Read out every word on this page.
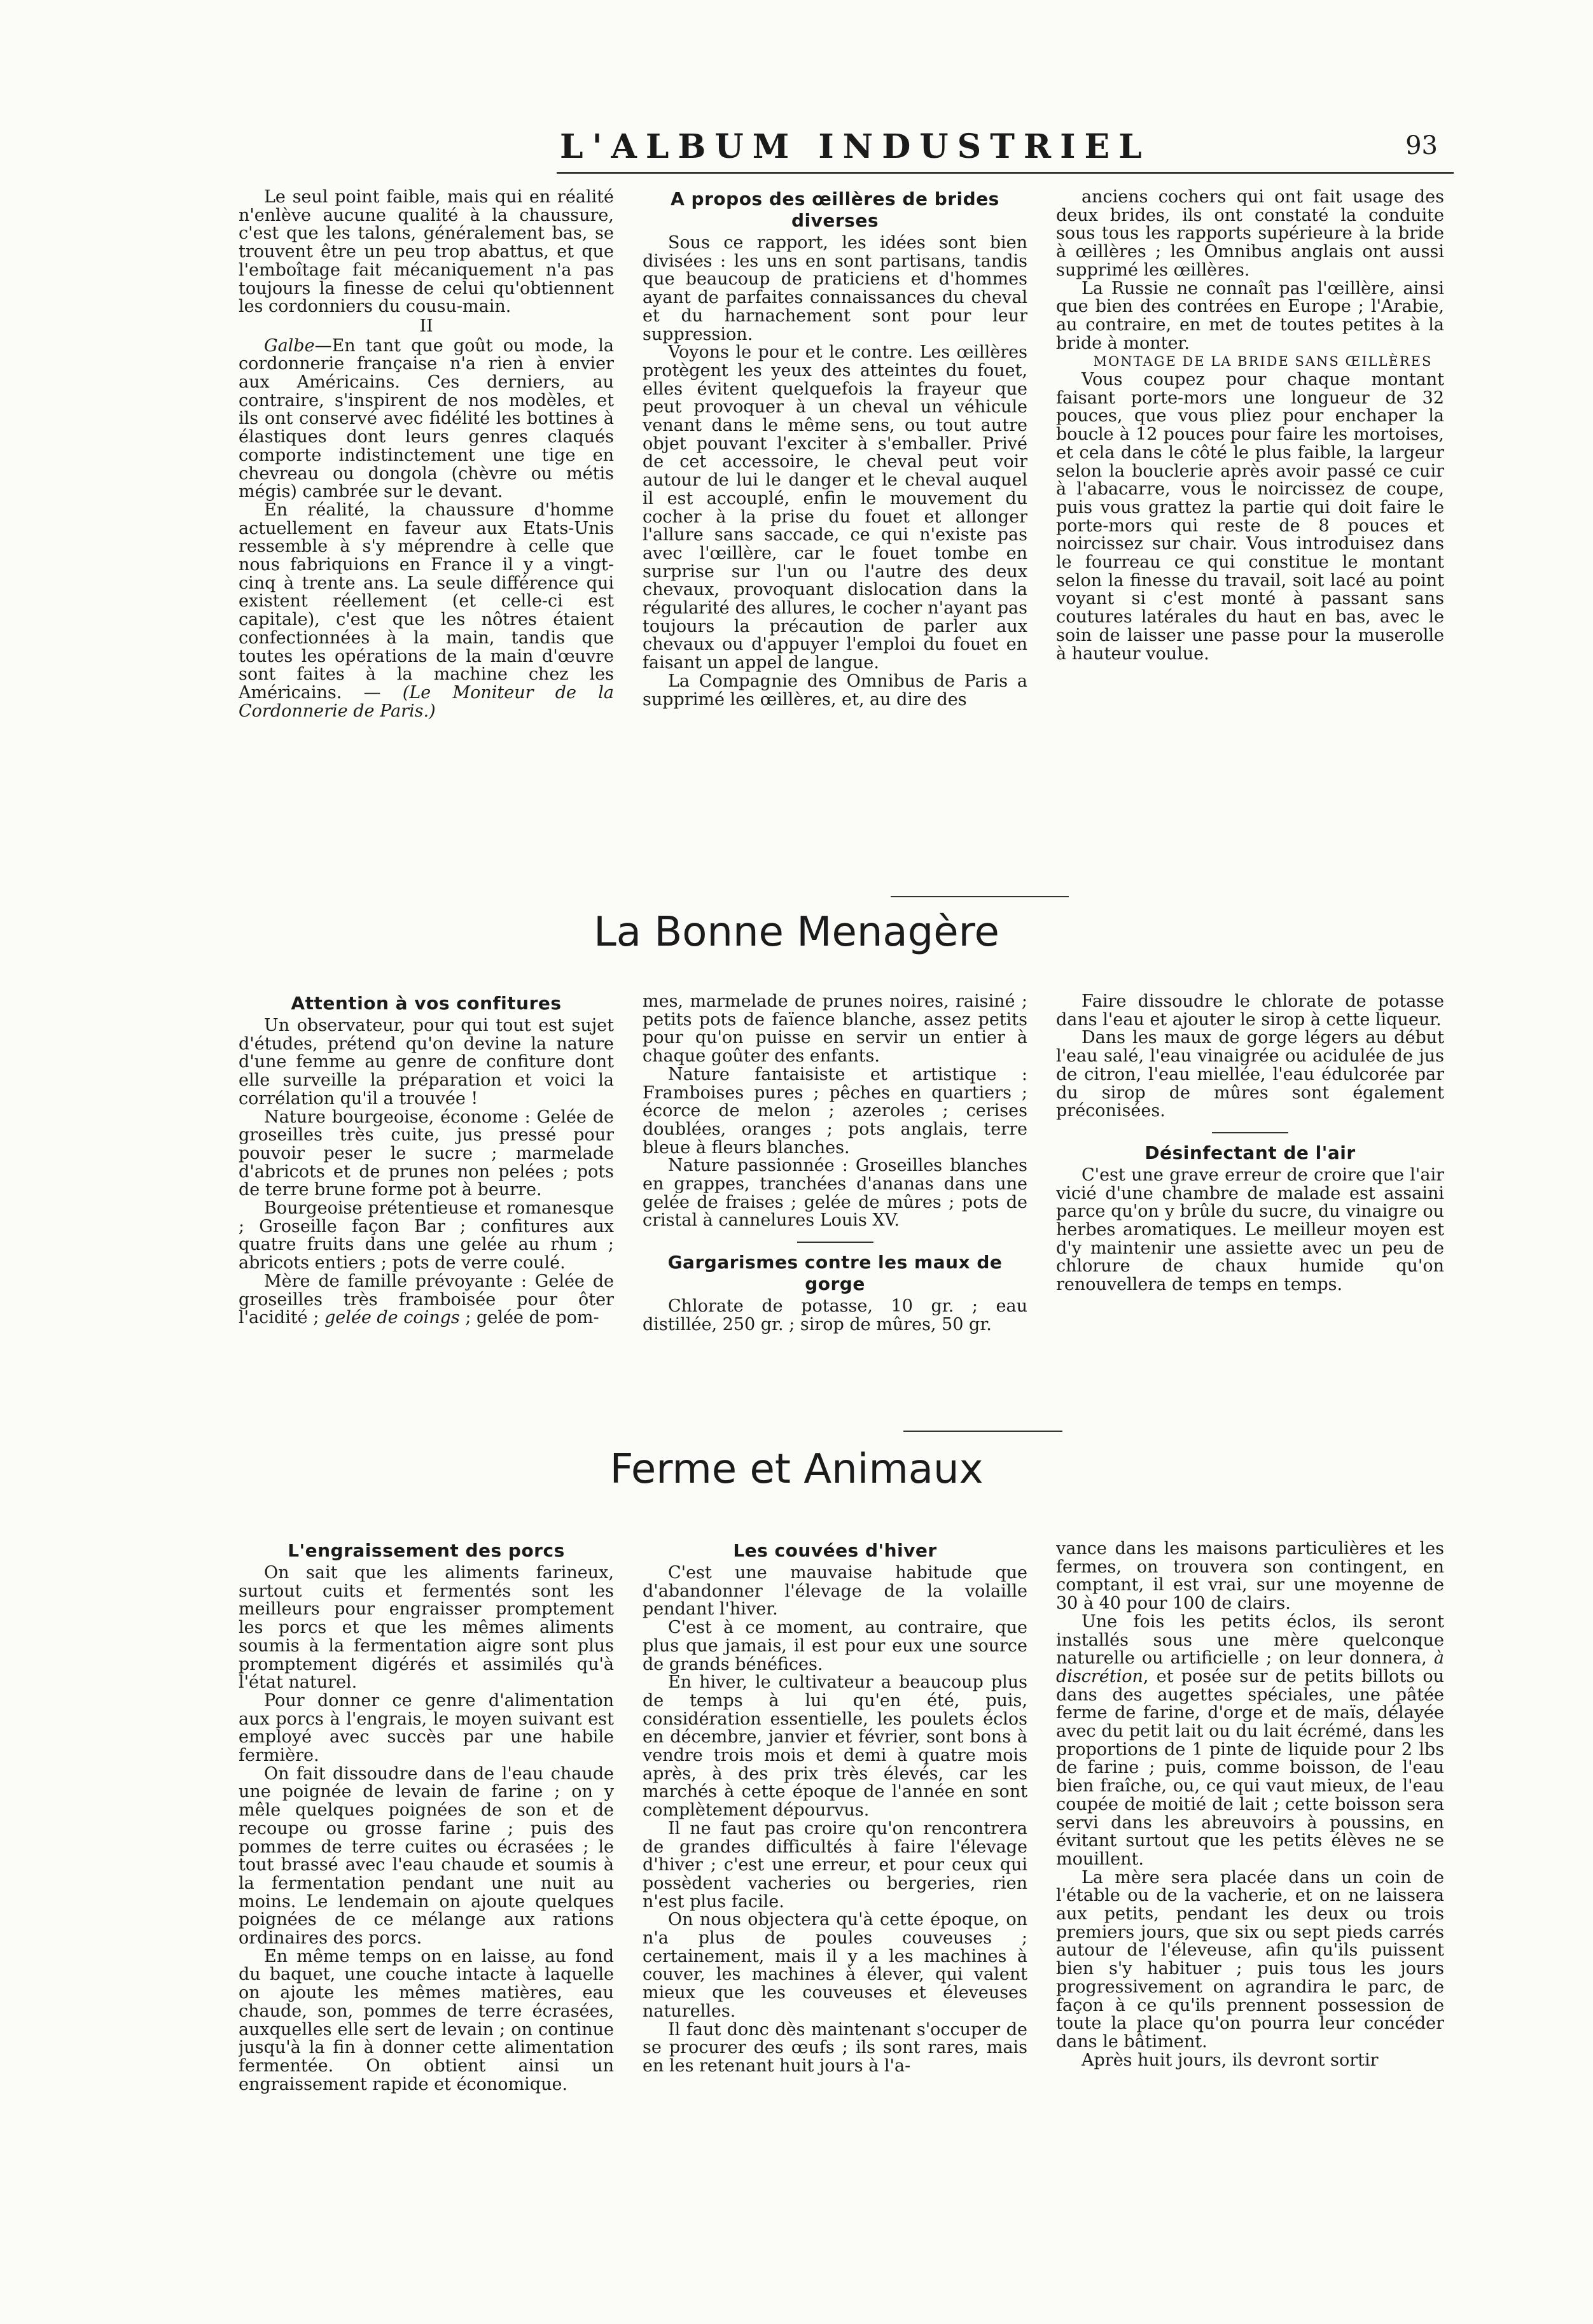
L'ALBUM INDUSTRIEL	93

Le seul point faible, mais qui en réalité n'enlève aucune qualité à la chaussure, c'est que les talons, généralement bas, se trouvent être un peu trop abattus, et que l'emboîtage fait mécaniquement n'a pas toujours la finesse de celui qu'obtiennent les cordonniers du cousu-main.

II

Galbe—En tant que goût ou mode, la cordonnerie française n'a rien à envier aux Américains. Ces derniers, au contraire, s'inspirent de nos modèles, et ils ont conservé avec fidélité les bottines à élastiques dont leurs genres claqués comporte indistinctement une tige en chevreau ou dongola (chèvre ou métis mégis) cambrée sur le devant.

En réalité, la chaussure d'homme actuellement en faveur aux Etats-Unis ressemble à s'y méprendre à celle que nous fabriquions en France il y a vingt-cinq à trente ans. La seule différence qui existent réellement (et celle-ci est capitale), c'est que les nôtres étaient confectionnées à la main, tandis que toutes les opérations de la main d'œuvre sont faites à la machine chez les Américains. — (Le Moniteur de la Cordonnerie de Paris.)

A propos des œillères de brides diverses

Sous ce rapport, les idées sont bien divisées : les uns en sont partisans, tandis que beaucoup de praticiens et d'hommes ayant de parfaites connaissances du cheval et du harnachement sont pour leur suppression.

Voyons le pour et le contre. Les œillères protègent les yeux des atteintes du fouet, elles évitent quelquefois la frayeur que peut provoquer à un cheval un véhicule venant dans le même sens, ou tout autre objet pouvant l'exciter à s'emballer. Privé de cet accessoire, le cheval peut voir autour de lui le danger et le cheval auquel il est accouplé, enfin le mouvement du cocher à la prise du fouet et allonger l'allure sans saccade, ce qui n'existe pas avec l'œillère, car le fouet tombe en surprise sur l'un ou l'autre des deux chevaux, provoquant dislocation dans la régularité des allures, le cocher n'ayant pas toujours la précaution de parler aux chevaux ou d'appuyer l'emploi du fouet en faisant un appel de langue.

La Compagnie des Omnibus de Paris a supprimé les œillères, et, au dire des

anciens cochers qui ont fait usage des deux brides, ils ont constaté la conduite sous tous les rapports supérieure à la bride à œillères ; les Omnibus anglais ont aussi supprimé les œillères.

La Russie ne connaît pas l'œillère, ainsi que bien des contrées en Europe ; l'Arabie, au contraire, en met de toutes petites à la bride à monter.

MONTAGE DE LA BRIDE SANS ŒILLÈRES

Vous coupez pour chaque montant faisant porte-mors une longueur de 32 pouces, que vous pliez pour enchaper la boucle à 12 pouces pour faire les mortoises, et cela dans le côté le plus faible, la largeur selon la bouclerie après avoir passé ce cuir à l'abacarre, vous le noircissez de coupe, puis vous grattez la partie qui doit faire le porte-mors qui reste de 8 pouces et noircissez sur chair. Vous introduisez dans le fourreau ce qui constitue le montant selon la finesse du travail, soit lacé au point voyant si c'est monté à passant sans coutures latérales du haut en bas, avec le soin de laisser une passe pour la muserolle à hauteur voulue.

La Bonne Menagère
Attention à vos confitures

Un observateur, pour qui tout est sujet d'études, prétend qu'on devine la nature d'une femme au genre de confiture dont elle surveille la préparation et voici la corrélation qu'il a trouvée !

Nature bourgeoise, économe : Gelée de groseilles très cuite, jus pressé pour pouvoir peser le sucre ; marmelade d'abricots et de prunes non pelées ; pots de terre brune forme pot à beurre.

Bourgeoise prétentieuse et romanesque ; Groseille façon Bar ; confitures aux quatre fruits dans une gelée au rhum ; abricots entiers ; pots de verre coulé.

Mère de famille prévoyante : Gelée de groseilles très framboisée pour ôter l'acidité ; gelée de coings ; gelée de pom-

mes, marmelade de prunes noires, raisiné ; petits pots de faïence blanche, assez petits pour qu'on puisse en servir un entier à chaque goûter des enfants.

Nature fantaisiste et artistique : Framboises pures ; pêches en quartiers ; écorce de melon ; azeroles ; cerises doublées, oranges ; pots anglais, terre bleue à fleurs blanches.

Nature passionnée : Groseilles blanches en grappes, tranchées d'ananas dans une gelée de fraises ; gelée de mûres ; pots de cristal à cannelures Louis XV.

Gargarismes contre les maux de gorge

Chlorate de potasse, 10 gr. ; eau distillée, 250 gr. ; sirop de mûres, 50 gr.

Faire dissoudre le chlorate de potasse dans l'eau et ajouter le sirop à cette liqueur.

Dans les maux de gorge légers au début l'eau salé, l'eau vinaigrée ou acidulée de jus de citron, l'eau miellée, l'eau édulcorée par du sirop de mûres sont également préconisées.

Désinfectant de l'air

C'est une grave erreur de croire que l'air vicié d'une chambre de malade est assaini parce qu'on y brûle du sucre, du vinaigre ou herbes aromatiques. Le meilleur moyen est d'y maintenir une assiette avec un peu de chlorure de chaux humide qu'on renouvellera de temps en temps.

Ferme et Animaux
L'engraissement des porcs

On sait que les aliments farineux, surtout cuits et fermentés sont les meilleurs pour engraisser promptement les porcs et que les mêmes aliments soumis à la fermentation aigre sont plus promptement digérés et assimilés qu'à l'état naturel.

Pour donner ce genre d'alimentation aux porcs à l'engrais, le moyen suivant est employé avec succès par une habile fermière.

On fait dissoudre dans de l'eau chaude une poignée de levain de farine ; on y mêle quelques poignées de son et de recoupe ou grosse farine ; puis des pommes de terre cuites ou écrasées ; le tout brassé avec l'eau chaude et soumis à la fermentation pendant une nuit au moins. Le lendemain on ajoute quelques poignées de ce mélange aux rations ordinaires des porcs.

En même temps on en laisse, au fond du baquet, une couche intacte à laquelle on ajoute les mêmes matières, eau chaude, son, pommes de terre écrasées, auxquelles elle sert de levain ; on continue jusqu'à la fin à donner cette alimentation fermentée. On obtient ainsi un engraissement rapide et économique.

Les couvées d'hiver

C'est une mauvaise habitude que d'abandonner l'élevage de la volaille pendant l'hiver.

C'est à ce moment, au contraire, que plus que jamais, il est pour eux une source de grands bénéfices.

En hiver, le cultivateur a beaucoup plus de temps à lui qu'en été, puis, considération essentielle, les poulets éclos en décembre, janvier et février, sont bons à vendre trois mois et demi à quatre mois après, à des prix très élevés, car les marchés à cette époque de l'année en sont complètement dépourvus.

Il ne faut pas croire qu'on rencontrera de grandes difficultés à faire l'élevage d'hiver ; c'est une erreur, et pour ceux qui possèdent vacheries ou bergeries, rien n'est plus facile.

On nous objectera qu'à cette époque, on n'a plus de poules couveuses ; certainement, mais il y a les machines à couver, les machines à élever, qui valent mieux que les couveuses et éleveuses naturelles.

Il faut donc dès maintenant s'occuper de se procurer des œufs ; ils sont rares, mais en les retenant huit jours à l'a-

vance dans les maisons particulières et les fermes, on trouvera son contingent, en comptant, il est vrai, sur une moyenne de 30 à 40 pour 100 de clairs.

Une fois les petits éclos, ils seront installés sous une mère quelconque naturelle ou artificielle ; on leur donnera, à discrétion, et posée sur de petits billots ou dans des augettes spéciales, une pâtée ferme de farine, d'orge et de maïs, délayée avec du petit lait ou du lait écrémé, dans les proportions de 1 pinte de liquide pour 2 lbs de farine ; puis, comme boisson, de l'eau bien fraîche, ou, ce qui vaut mieux, de l'eau coupée de moitié de lait ; cette boisson sera servi dans les abreuvoirs à poussins, en évitant surtout que les petits élèves ne se mouillent.

La mère sera placée dans un coin de l'étable ou de la vacherie, et on ne laissera aux petits, pendant les deux ou trois premiers jours, que six ou sept pieds carrés autour de l'éleveuse, afin qu'ils puissent bien s'y habituer ; puis tous les jours progressivement on agrandira le parc, de façon à ce qu'ils prennent possession de toute la place qu'on pourra leur concéder dans le bâtiment.

Après huit jours, ils devront sortir
